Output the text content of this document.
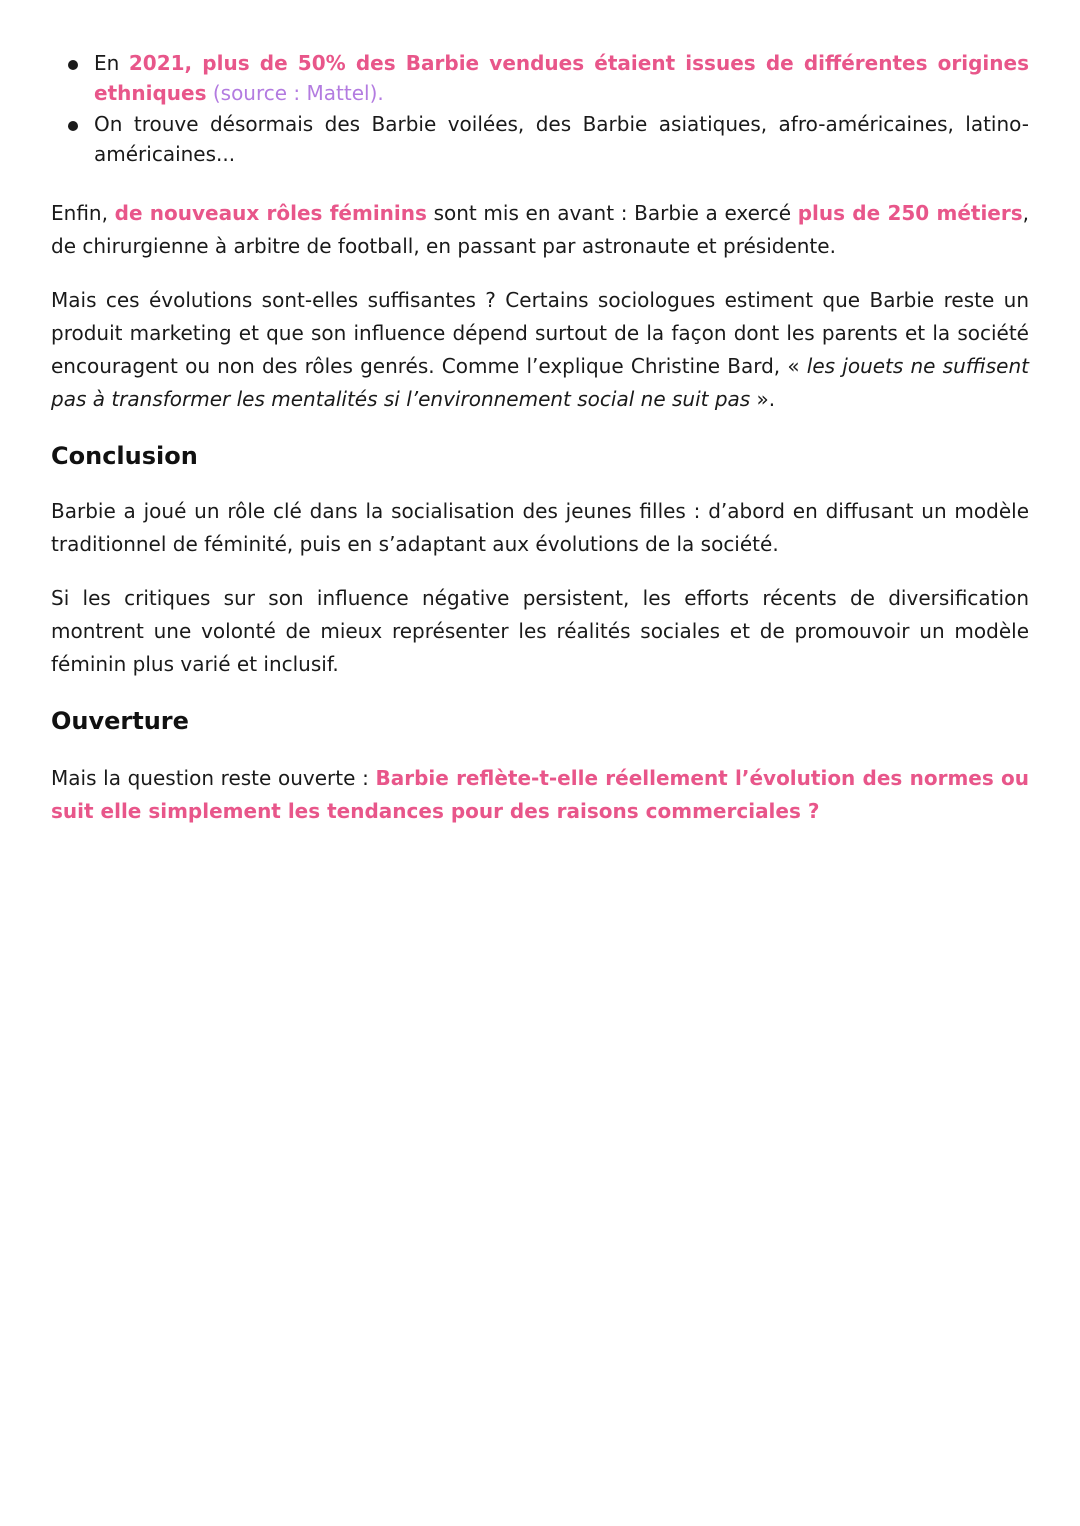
En 2021, plus de 50% des Barbie vendues étaient issues de différentes origines ethniques (source : Mattel).
On trouve désormais des Barbie voilées, des Barbie asiatiques, afro-américaines, latino-américaines...

Enfin, de nouveaux rôles féminins sont mis en avant : Barbie a exercé plus de 250 métiers, de chirurgienne à arbitre de football, en passant par astronaute et présidente.

Mais ces évolutions sont-elles suffisantes ? Certains sociologues estiment que Barbie reste un produit marketing et que son influence dépend surtout de la façon dont les parents et la société encouragent ou non des rôles genrés. Comme l’explique Christine Bard, « les jouets ne suffisent pas à transformer les mentalités si l’environnement social ne suit pas ».

Conclusion

Barbie a joué un rôle clé dans la socialisation des jeunes filles : d’abord en diffusant un modèle traditionnel de féminité, puis en s’adaptant aux évolutions de la société.

Si les critiques sur son influence négative persistent, les efforts récents de diversification montrent une volonté de mieux représenter les réalités sociales et de promouvoir un modèle féminin plus varié et inclusif.

Ouverture

Mais la question reste ouverte : Barbie reflète-t-elle réellement l’évolution des normes ou suit elle simplement les tendances pour des raisons commerciales ?
